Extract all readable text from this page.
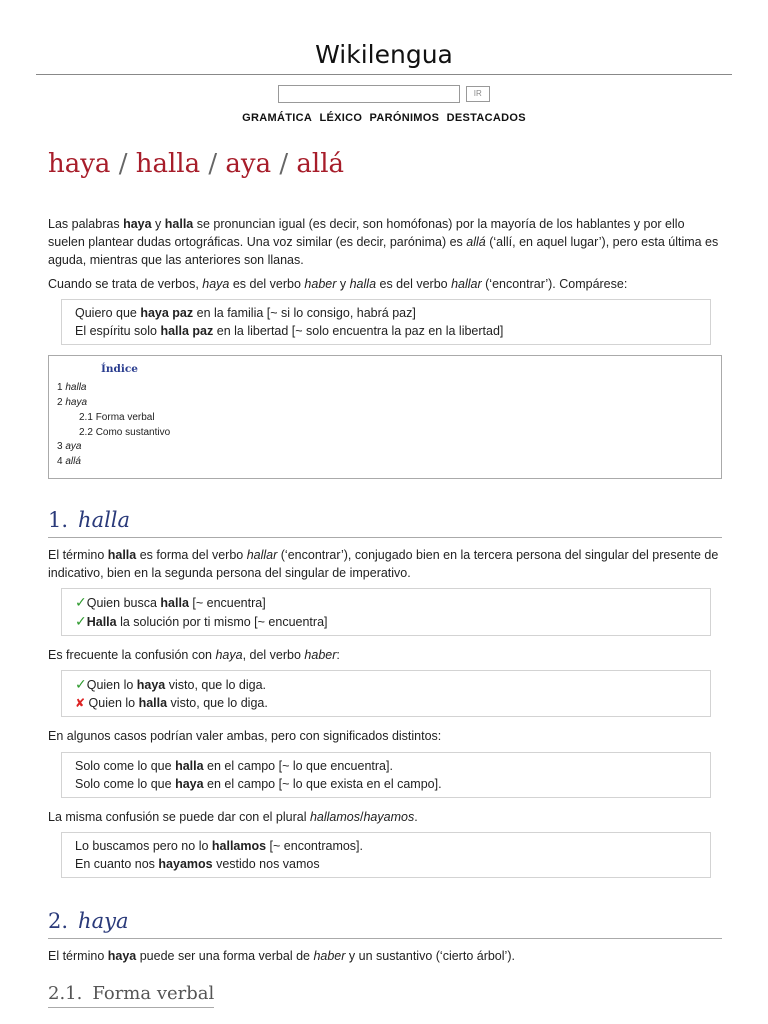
Wikilengua
IR
GRAMÁTICA LÉXICO PARÓNIMOS DESTACADOS
haya / halla / aya / allá

Las palabras haya y halla se pronuncian igual (es decir, son homófonas) por la mayoría de los hablantes y por ello suelen plantear dudas ortográficas. Una voz similar (es decir, parónima) es allá (‘allí, en aquel lugar’), pero esta última es aguda, mientras que las anteriores son llanas.

Cuando se trata de verbos, haya es del verbo haber y halla es del verbo hallar (‘encontrar’). Compárese:

Quiero que haya paz en la familia [~ si lo consigo, habrá paz]
El espíritu solo halla paz en la libertad [~ solo encuentra la paz en la libertad]
Índice
1 halla
2 haya
2.1 Forma verbal
2.2 Como sustantivo
3 aya
4 allá
1. halla

El término halla es forma del verbo hallar (‘encontrar’), conjugado bien en la tercera persona del singular del presente de indicativo, bien en la segunda persona del singular de imperativo.

✓Quien busca halla [~ encuentra]
✓Halla la solución por ti mismo [~ encuentra]

Es frecuente la confusión con haya, del verbo haber:

✓Quien lo haya visto, que lo diga.
✘ Quien lo halla visto, que lo diga.

En algunos casos podrían valer ambas, pero con significados distintos:

Solo come lo que halla en el campo [~ lo que encuentra].
Solo come lo que haya en el campo [~ lo que exista en el campo].

La misma confusión se puede dar con el plural hallamos/hayamos.

Lo buscamos pero no lo hallamos [~ encontramos].
En cuanto nos hayamos vestido nos vamos
2. haya

El término haya puede ser una forma verbal de haber y un sustantivo (‘cierto árbol’).

2.1. Forma verbal
